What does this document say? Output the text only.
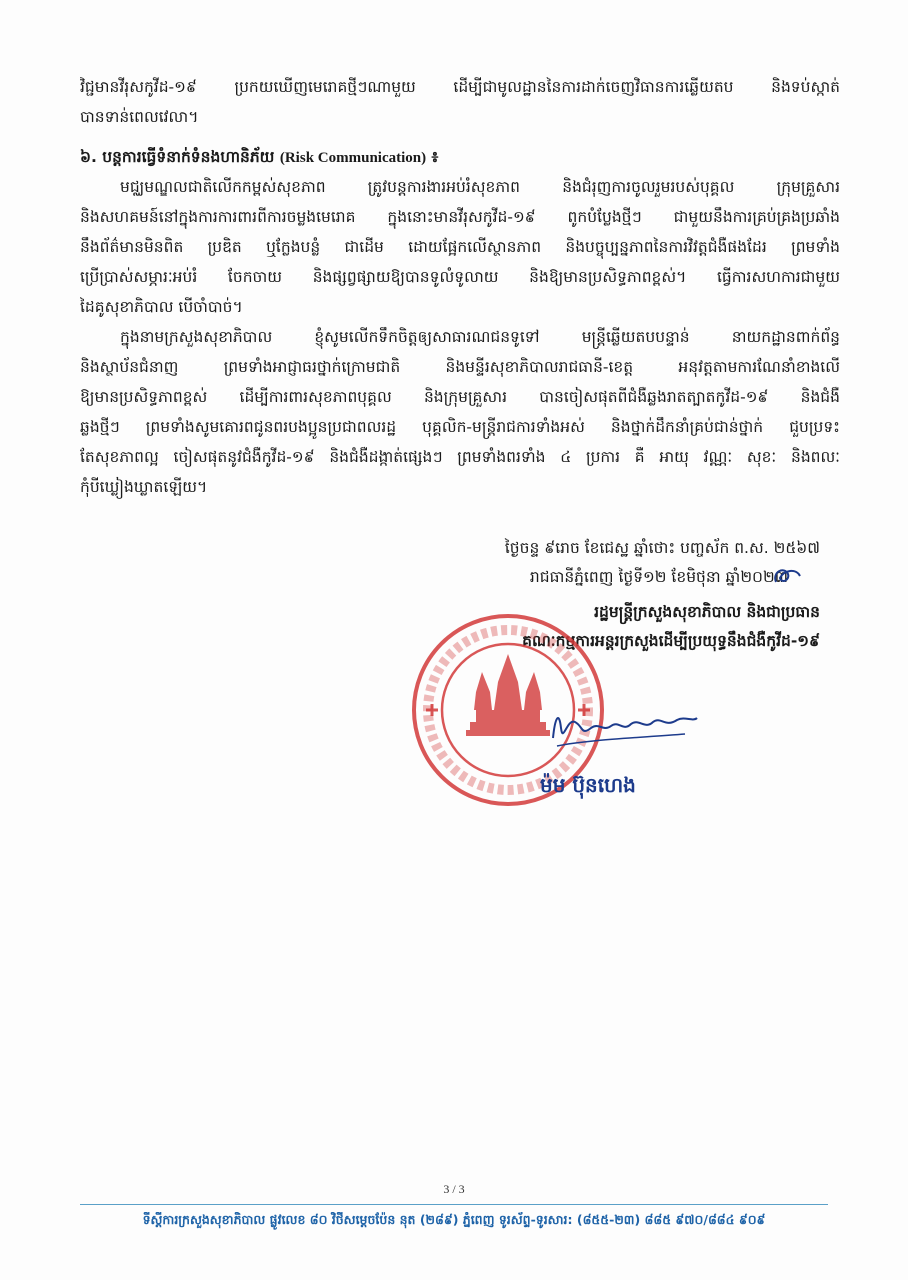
វិជ្ជមានវីរុសកូវីដ-១៩ ប្រកយឃើញមេរោគថ្មីៗណាមួយ ដើម្បីជាមូលដ្ឋាននៃការដាក់ចេញវិធានការឆ្លើយតប និងទប់ស្កាត់
បានទាន់ពេលវេលា។
៦. បន្តការធ្វើទំនាក់ទំនងហានិភ័យ (Risk Communication) ៖
មជ្ឈមណ្ឌលជាតិលើកកម្ពស់សុខភាព ត្រូវបន្តការងារអប់រំសុខភាព និងជំរុញការចូលរួមរបស់បុគ្គល ក្រុមគ្រួសារ
និងសហគមន៍នៅក្នុងការការពារពីការចម្លងមេរោគ ក្នុងនោះមានវីរុសកូវីដ-១៩ ពូកបំប្លែងថ្មីៗ ជាមួយនឹងការគ្រប់គ្រងប្រឆាំង
នឹងព័ត៌មានមិនពិត ប្រឌិត ឬក្លែងបន្លំ ជាដើម ដោយផ្អែកលើស្ថានភាព និងបច្ចុប្បន្នភាពនៃការវិវត្តជំងឺផងដែរ ព្រមទាំង
ប្រើប្រាស់សម្ភារៈអប់រំ ចែកចាយ និងផ្សព្វផ្សាយឱ្យបានទូលំទូលាយ និងឱ្យមានប្រសិទ្ធភាពខ្ពស់។ ធ្វើការសហការជាមួយ
ដៃគូសុខាភិបាល បើចាំបាច់។
ក្នុងនាមក្រសួងសុខាភិបាល ខ្ញុំសូមលើកទឹកចិត្តឲ្យសាធារណជនទូទៅ មន្ត្រីឆ្លើយតបបន្ទាន់ នាយកដ្ឋានពាក់ព័ន្ធ
និងស្ថាប័នជំនាញ ព្រមទាំងអាជ្ញាធរថ្នាក់ក្រោមជាតិ និងមន្ទីរសុខាភិបាលរាជធានី-ខេត្ត អនុវត្តតាមការណែនាំខាងលើ
ឱ្យមានប្រសិទ្ធភាពខ្ពស់ ដើម្បីការពារសុខភាពបុគ្គល និងក្រុមគ្រួសារ បានចៀសផុតពីជំងឺឆ្លងរាតត្បាតកូវីដ-១៩ និងជំងឺ
ឆ្លងថ្មីៗ ព្រមទាំងសូមគោរពជូនពរបងប្អូនប្រជាពលរដ្ឋ បុគ្គលិក-មន្ត្រីរាជការទាំងអស់ និងថ្នាក់ដឹកនាំគ្រប់ជាន់ថ្នាក់ ជួបប្រទះ
តែសុខភាពល្អ ចៀសផុតនូវជំងឺកូវីដ-១៩ និងជំងឺដង្កាត់ផ្សេងៗ ព្រមទាំងពរទាំង ៤ ប្រការ គឺ អាយុ វណ្ណៈ សុខៈ និងពលៈ
កុំបីឃ្លៀងឃ្លាតឡើយ។
ថ្ងៃចន្ទ ៩រោច ខែជេស្ឋ ឆ្នាំថោះ បញ្ចស័ក ព.ស. ២៥៦៧
រាជធានីភ្នំពេញ ថ្ងៃទី១២ ខែមិថុនា ឆ្នាំ២០២៣
រដ្ឋមន្ត្រីក្រសួងសុខាភិបាល និងជាប្រធាន
គណៈកម្មការអន្តរក្រសួងដើម្បីប្រយុទ្ធនឹងជំងឺកូវីដ-១៩
ម៉ម ប៊ុនហេង
3 / 3
ទីស្តីការក្រសួងសុខាភិបាល ផ្លូវលេខ ៨០ វិថីសម្តេចប៉ែន នុត (២៨៩) ភ្នំពេញ ទូរស័ព្ទ-ទូរសារ: (៨៥៥-២៣) ៨៨៥ ៩៧០/៨៨៤ ៩០៩
